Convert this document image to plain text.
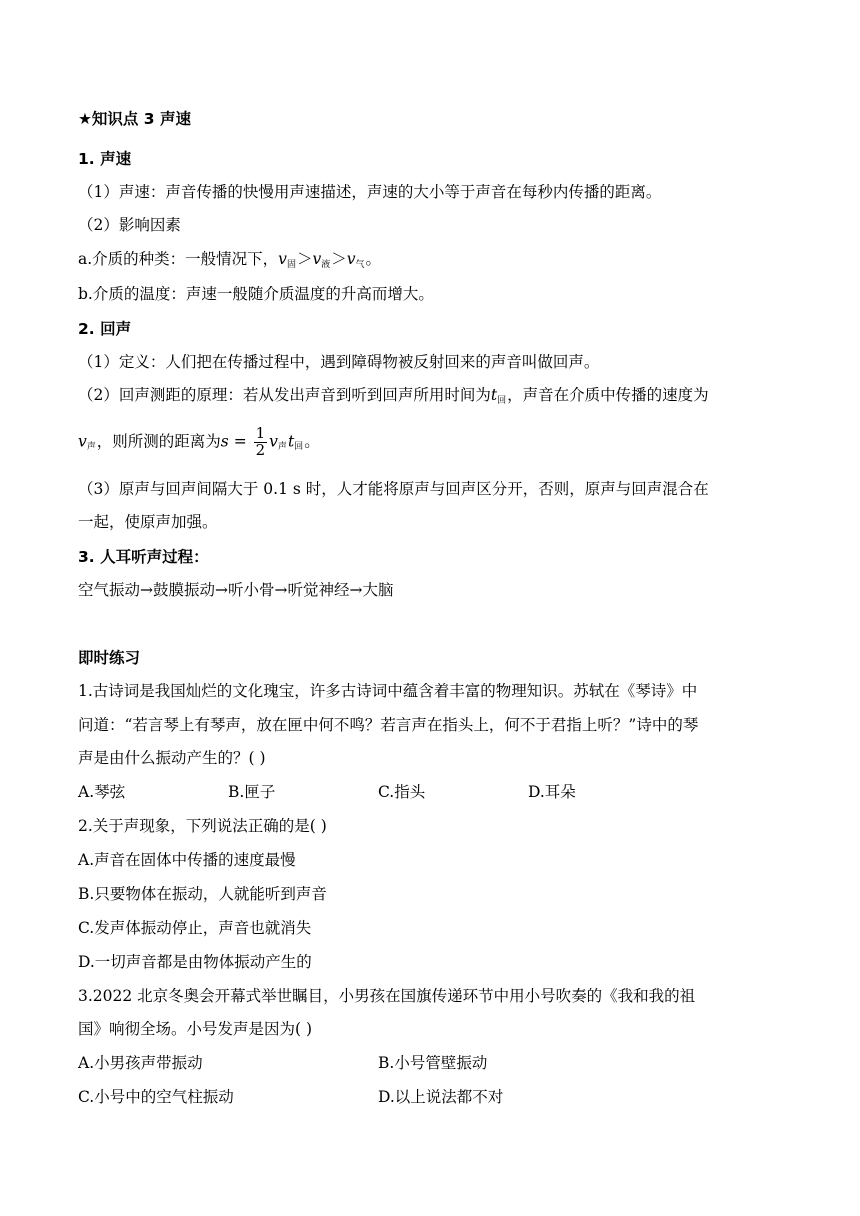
★知识点 3 声速
1. 声速
（1）声速：声音传播的快慢用声速描述，声速的大小等于声音在每秒内传播的距离。
（2）影响因素
a.介质的种类：一般情况下，$v_固>v_液>v_气$。
b.介质的温度：声速一般随介质温度的升高而增大。
2. 回声
（1）定义：人们把在传播过程中，遇到障碍物被反射回来的声音叫做回声。
（2）回声测距的原理：若从发出声音到听到回声所用时间为$t_回$，声音在介质中传播的速度为
$v_声$，则所测的距离为$s = \frac{1}{2} v_声t_回$。
（3）原声与回声间隔大于 0.1 s 时，人才能将原声与回声区分开，否则，原声与回声混合在
一起，使原声加强。
3. 人耳听声过程：
空气振动→鼓膜振动→听小骨→听觉神经→大脑
即时练习
1.古诗词是我国灿烂的文化瑰宝，许多古诗词中蕴含着丰富的物理知识。苏轼在《琴诗》中
问道：“若言琴上有琴声，放在匣中何不鸣？若言声在指头上，何不于君指上听？”诗中的琴
声是由什么振动产生的？( )
A.琴弦	B.匣子	C.指头	D.耳朵
2.关于声现象，下列说法正确的是( )
A.声音在固体中传播的速度最慢
B.只要物体在振动，人就能听到声音
C.发声体振动停止，声音也就消失
D.一切声音都是由物体振动产生的
3.2022 北京冬奥会开幕式举世瞩目，小男孩在国旗传递环节中用小号吹奏的《我和我的祖
国》响彻全场。小号发声是因为( )
A.小男孩声带振动	B.小号管壁振动
C.小号中的空气柱振动	D.以上说法都不对
